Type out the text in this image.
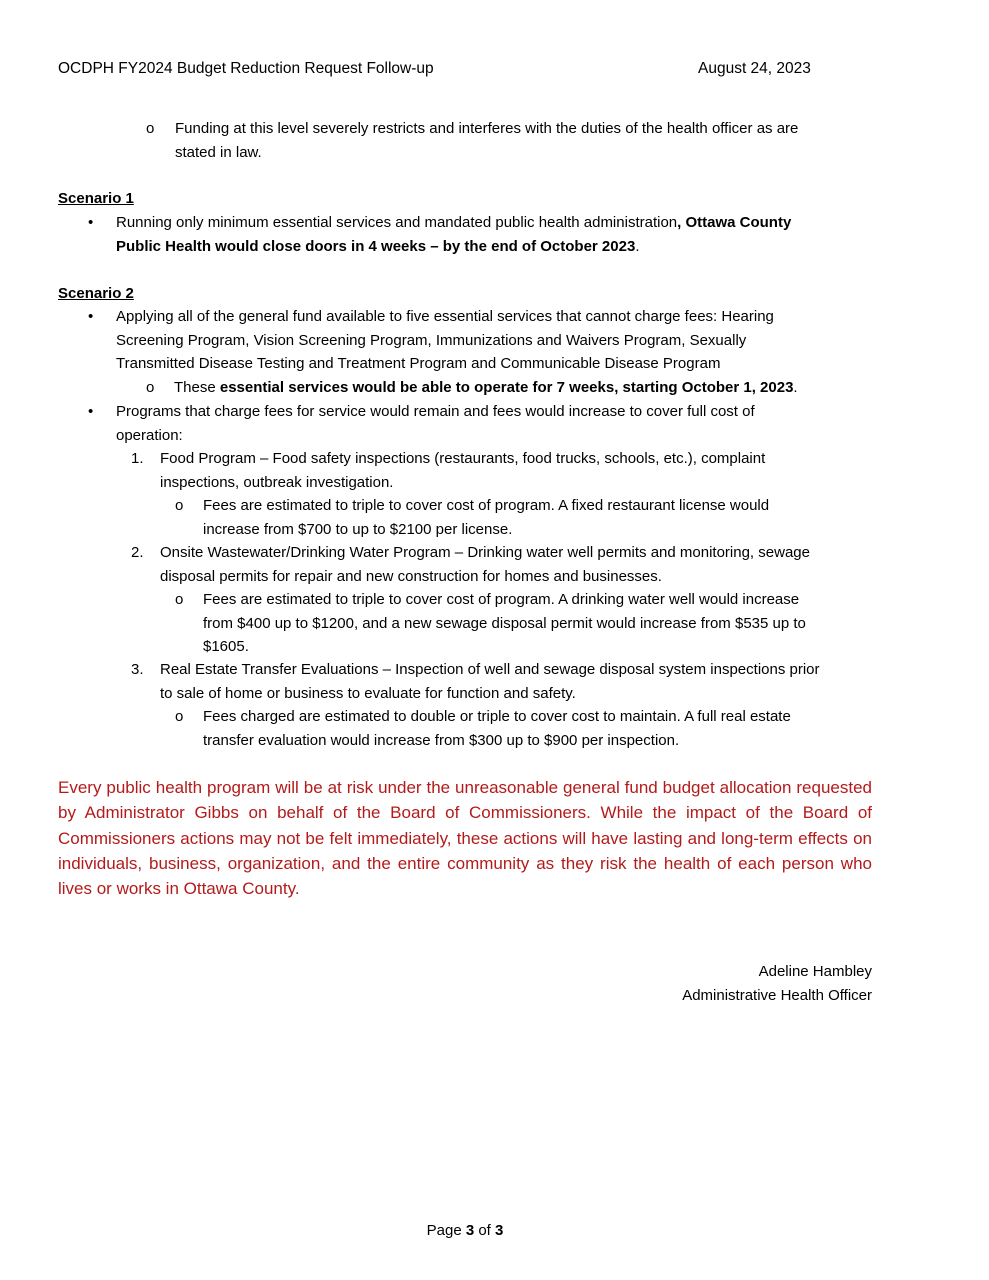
OCDPH FY2024 Budget Reduction Request Follow-up	August 24, 2023
o Funding at this level severely restricts and interferes with the duties of the health officer as are
stated in law.
Scenario 1
• Running only minimum essential services and mandated public health administration, Ottawa County
Public Health would close doors in 4 weeks – by the end of October 2023.
Scenario 2
• Applying all of the general fund available to five essential services that cannot charge fees: Hearing
Screening Program, Vision Screening Program, Immunizations and Waivers Program, Sexually
Transmitted Disease Testing and Treatment Program and Communicable Disease Program
o These essential services would be able to operate for 7 weeks, starting October 1, 2023.
• Programs that charge fees for service would remain and fees would increase to cover full cost of
operation:
1. Food Program – Food safety inspections (restaurants, food trucks, schools, etc.), complaint
inspections, outbreak investigation.
o Fees are estimated to triple to cover cost of program. A fixed restaurant license would
increase from $700 to up to $2100 per license.
2. Onsite Wastewater/Drinking Water Program – Drinking water well permits and monitoring, sewage
disposal permits for repair and new construction for homes and businesses.
o Fees are estimated to triple to cover cost of program. A drinking water well would increase
from $400 up to $1200, and a new sewage disposal permit would increase from $535 up to
$1605.
3. Real Estate Transfer Evaluations – Inspection of well and sewage disposal system inspections prior
to sale of home or business to evaluate for function and safety.
o Fees charged are estimated to double or triple to cover cost to maintain. A full real estate
transfer evaluation would increase from $300 up to $900 per inspection.

Every public health program will be at risk under the unreasonable general fund budget allocation requested by Administrator Gibbs on behalf of the Board of Commissioners. While the impact of the Board of Commissioners actions may not be felt immediately, these actions will have lasting and long-term effects on individuals, business, organization, and the entire community as they risk the health of each person who lives or works in Ottawa County.

Adeline Hambley
Administrative Health Officer
Page 3 of 3
